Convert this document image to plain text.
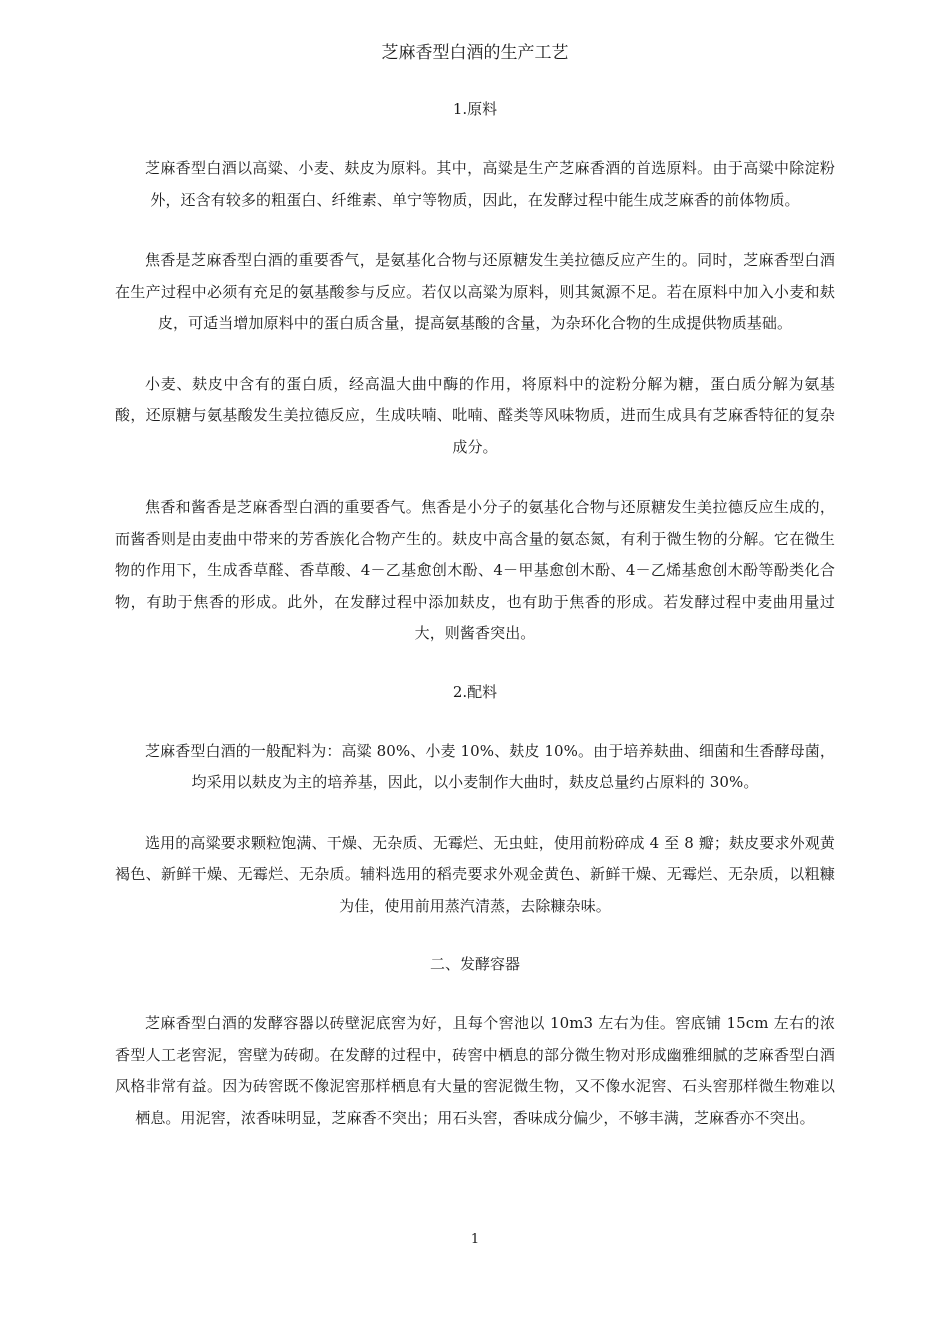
芝麻香型白酒的生产工艺
1.原料

芝麻香型白酒以高粱、小麦、麸皮为原料。其中，高粱是生产芝麻香酒的首选原料。由于高粱中除淀粉外，还含有较多的粗蛋白、纤维素、单宁等物质，因此，在发酵过程中能生成芝麻香的前体物质。

焦香是芝麻香型白酒的重要香气，是氨基化合物与还原糖发生美拉德反应产生的。同时，芝麻香型白酒在生产过程中必须有充足的氨基酸参与反应。若仅以高粱为原料，则其氮源不足。若在原料中加入小麦和麸皮，可适当增加原料中的蛋白质含量，提高氨基酸的含量，为杂环化合物的生成提供物质基础。

小麦、麸皮中含有的蛋白质，经高温大曲中酶的作用，将原料中的淀粉分解为糖，蛋白质分解为氨基酸，还原糖与氨基酸发生美拉德反应，生成呋喃、吡喃、醛类等风味物质，进而生成具有芝麻香特征的复杂成分。

焦香和酱香是芝麻香型白酒的重要香气。焦香是小分子的氨基化合物与还原糖发生美拉德反应生成的，而酱香则是由麦曲中带来的芳香族化合物产生的。麸皮中高含量的氨态氮，有利于微生物的分解。它在微生物的作用下，生成香草醛、香草酸、4－乙基愈创木酚、4－甲基愈创木酚、4－乙烯基愈创木酚等酚类化合物，有助于焦香的形成。此外，在发酵过程中添加麸皮，也有助于焦香的形成。若发酵过程中麦曲用量过大，则酱香突出。

2.配料

芝麻香型白酒的一般配料为：高粱 80%、小麦 10%、麸皮 10%。由于培养麸曲、细菌和生香酵母菌，均采用以麸皮为主的培养基，因此，以小麦制作大曲时，麸皮总量约占原料的 30%。

选用的高粱要求颗粒饱满、干燥、无杂质、无霉烂、无虫蛀，使用前粉碎成 4 至 8 瓣；麸皮要求外观黄褐色、新鲜干燥、无霉烂、无杂质。辅料选用的稻壳要求外观金黄色、新鲜干燥、无霉烂、无杂质，以粗糠为佳，使用前用蒸汽清蒸，去除糠杂味。

二、发酵容器

芝麻香型白酒的发酵容器以砖壁泥底窖为好，且每个窖池以 10m3 左右为佳。窖底铺 15cm 左右的浓香型人工老窖泥，窖壁为砖砌。在发酵的过程中，砖窖中栖息的部分微生物对形成幽雅细腻的芝麻香型白酒风格非常有益。因为砖窖既不像泥窖那样栖息有大量的窖泥微生物，又不像水泥窖、石头窖那样微生物难以栖息。用泥窖，浓香味明显，芝麻香不突出；用石头窖，香味成分偏少，不够丰满，芝麻香亦不突出。

1
